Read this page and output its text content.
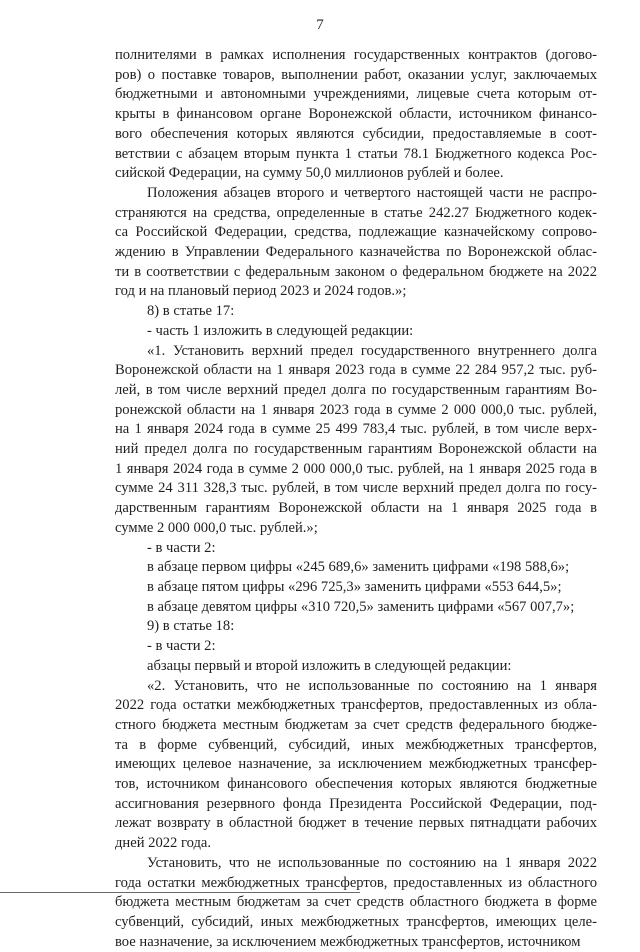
7
полнителями в рамках исполнения государственных контрактов (догово-
ров) о поставке товаров, выполнении работ, оказании услуг, заключаемых
бюджетными и автономными учреждениями, лицевые счета которым от-
крыты в финансовом органе Воронежской области, источником финансо-
вого обеспечения которых являются субсидии, предоставляемые в соот-
ветствии с абзацем вторым пункта 1 статьи 78.1 Бюджетного кодекса Рос-
сийской Федерации, на сумму 50,0 миллионов рублей и более.
Положения абзацев второго и четвертого настоящей части не распро-
страняются на средства, определенные в статье 242.27 Бюджетного кодек-
са Российской Федерации, средства, подлежащие казначейскому сопрово-
ждению в Управлении Федерального казначейства по Воронежской облас-
ти в соответствии с федеральным законом о федеральном бюджете на 2022
год и на плановый период 2023 и 2024 годов.»;
8) в статье 17:
- часть 1 изложить в следующей редакции:
«1. Установить верхний предел государственного внутреннего долга
Воронежской области на 1 января 2023 года в сумме 22 284 957,2 тыс. руб-
лей, в том числе верхний предел долга по государственным гарантиям Во-
ронежской области на 1 января 2023 года в сумме 2 000 000,0 тыс. рублей,
на 1 января 2024 года в сумме 25 499 783,4 тыс. рублей, в том числе верх-
ний предел долга по государственным гарантиям Воронежской области на
1 января 2024 года в сумме 2 000 000,0 тыс. рублей, на 1 января 2025 года в
сумме 24 311 328,3 тыс. рублей, в том числе верхний предел долга по госу-
дарственным гарантиям Воронежской области на 1 января 2025 года в
сумме 2 000 000,0 тыс. рублей.»;
- в части 2:
в абзаце первом цифры «245 689,6» заменить цифрами «198 588,6»;
в абзаце пятом цифры «296 725,3» заменить цифрами «553 644,5»;
в абзаце девятом цифры «310 720,5» заменить цифрами «567 007,7»;
9) в статье 18:
- в части 2:
абзацы первый и второй изложить в следующей редакции:
«2. Установить, что не использованные по состоянию на 1 января
2022 года остатки межбюджетных трансфертов, предоставленных из обла-
стного бюджета местным бюджетам за счет средств федерального бюдже-
та в форме субвенций, субсидий, иных межбюджетных трансфертов,
имеющих целевое назначение, за исключением межбюджетных трансфер-
тов, источником финансового обеспечения которых являются бюджетные
ассигнования резервного фонда Президента Российской Федерации, под-
лежат возврату в областной бюджет в течение первых пятнадцати рабочих
дней 2022 года.
Установить, что не использованные по состоянию на 1 января 2022
года остатки межбюджетных трансфертов, предоставленных из областного
бюджета местным бюджетам за счет средств областного бюджета в форме
субвенций, субсидий, иных межбюджетных трансфертов, имеющих целе-
вое назначение, за исключением межбюджетных трансфертов, источником
